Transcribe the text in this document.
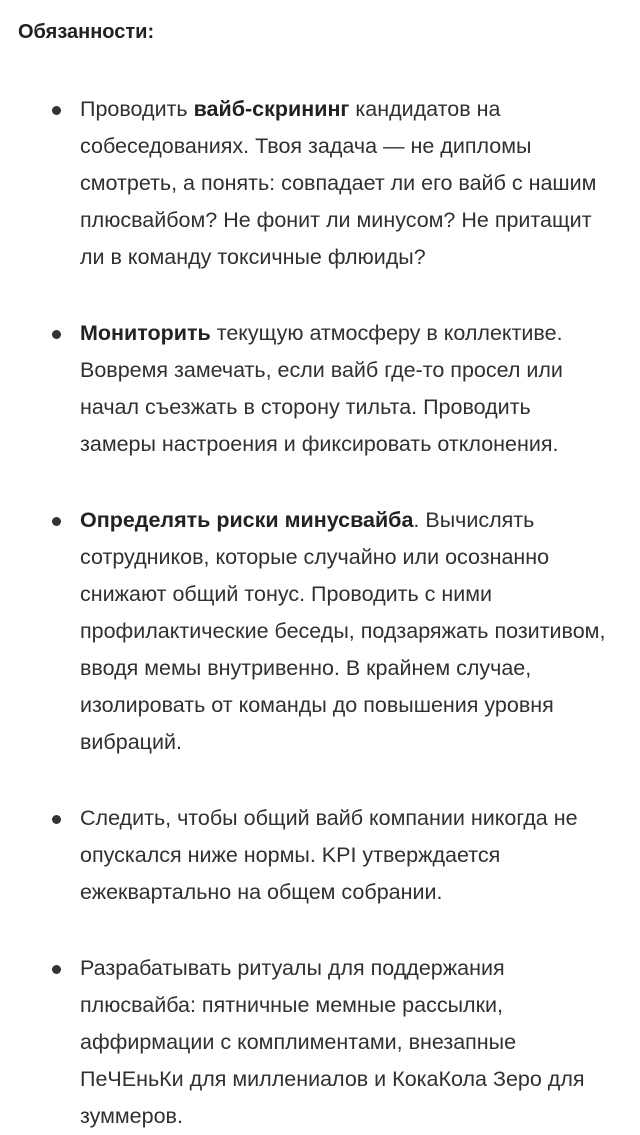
Обязанности:
Проводить вайб-скрининг кандидатов на собеседованиях. Твоя задача — не дипломы смотреть, а понять: совпадает ли его вайб с нашим плюсвайбом? Не фонит ли минусом? Не притащит ли в команду токсичные флюиды?
Мониторить текущую атмосферу в коллективе. Вовремя замечать, если вайб где-то просел или начал съезжать в сторону тильта. Проводить замеры настроения и фиксировать отклонения.
Определять риски минусвайба. Вычислять сотрудников, которые случайно или осознанно снижают общий тонус. Проводить с ними профилактические беседы, подзаряжать позитивом, вводя мемы внутривенно. В крайнем случае, изолировать от команды до повышения уровня вибраций.
Следить, чтобы общий вайб компании никогда не опускался ниже нормы. KPI утверждается ежеквартально на общем собрании.
Разрабатывать ритуалы для поддержания плюсвайба: пятничные мемные рассылки, аффирмации с комплиментами, внезапные ПеЧЕньКи для миллениалов и КокаКола Зеро для зуммеров.
